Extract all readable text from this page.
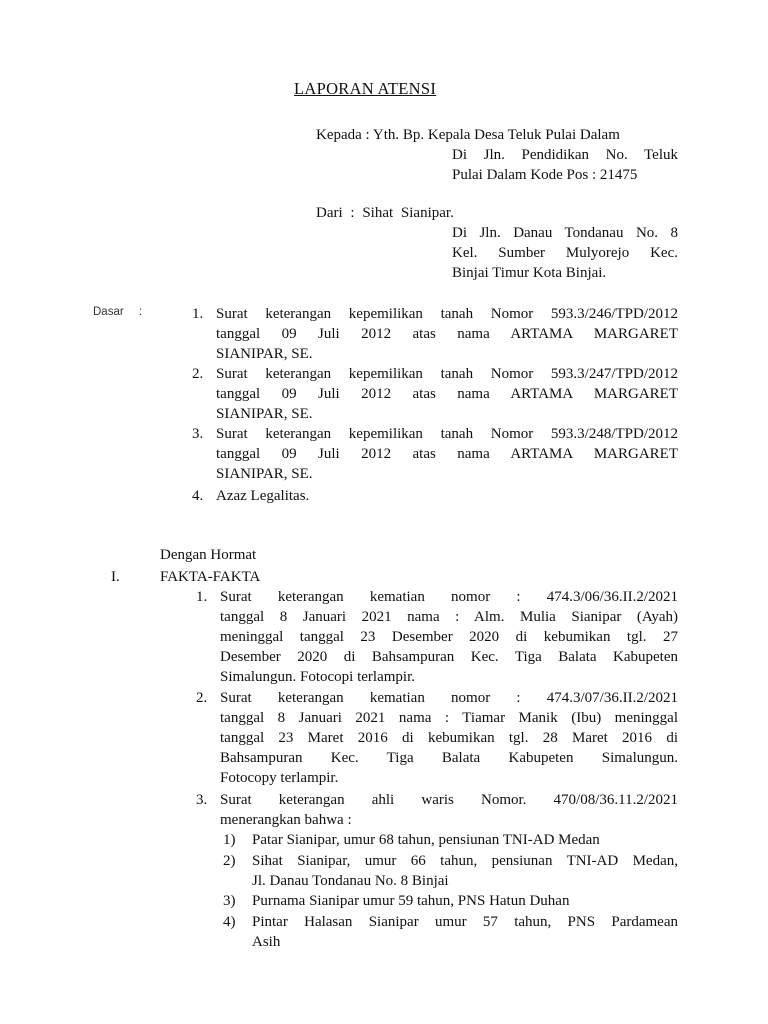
LAPORAN ATENSI
Kepada : Yth. Bp. Kepala Desa Teluk Pulai Dalam
Di Jln. Pendidikan No. Teluk
Pulai Dalam Kode Pos : 21475
Dari : Sihat Sianipar.
Di Jln. Danau Tondanau No. 8
Kel. Sumber Mulyorejo Kec.
Binjai Timur Kota Binjai.
Dasar :	1. Surat keterangan kepemilikan tanah Nomor 593.3/246/TPD/2012
tanggal 09 Juli 2012 atas nama ARTAMA MARGARET
SIANIPAR, SE.
2. Surat keterangan kepemilikan tanah Nomor 593.3/247/TPD/2012
tanggal 09 Juli 2012 atas nama ARTAMA MARGARET
SIANIPAR, SE.
3. Surat keterangan kepemilikan tanah Nomor 593.3/248/TPD/2012
tanggal 09 Juli 2012 atas nama ARTAMA MARGARET
SIANIPAR, SE.
4. Azaz Legalitas.
Dengan Hormat
I.	FAKTA-FAKTA
1. Surat keterangan kematian nomor : 474.3/06/36.II.2/2021
tanggal 8 Januari 2021 nama : Alm. Mulia Sianipar (Ayah)
meninggal tanggal 23 Desember 2020 di kebumikan tgl. 27
Desember 2020 di Bahsampuran Kec. Tiga Balata Kabupeten
Simalungun. Fotocopi terlampir.
2. Surat keterangan kematian nomor : 474.3/07/36.II.2/2021
tanggal 8 Januari 2021 nama : Tiamar Manik (Ibu) meninggal
tanggal 23 Maret 2016 di kebumikan tgl. 28 Maret 2016 di
Bahsampuran Kec. Tiga Balata Kabupeten Simalungun.
Fotocopy terlampir.
3. Surat keterangan ahli waris Nomor. 470/08/36.11.2/2021
menerangkan bahwa :
1) Patar Sianipar, umur 68 tahun, pensiunan TNI-AD Medan
2) Sihat Sianipar, umur 66 tahun, pensiunan TNI-AD Medan,
Jl. Danau Tondanau No. 8 Binjai
3) Purnama Sianipar umur 59 tahun, PNS Hatun Duhan
4) Pintar Halasan Sianipar umur 57 tahun, PNS Pardamean
Asih
